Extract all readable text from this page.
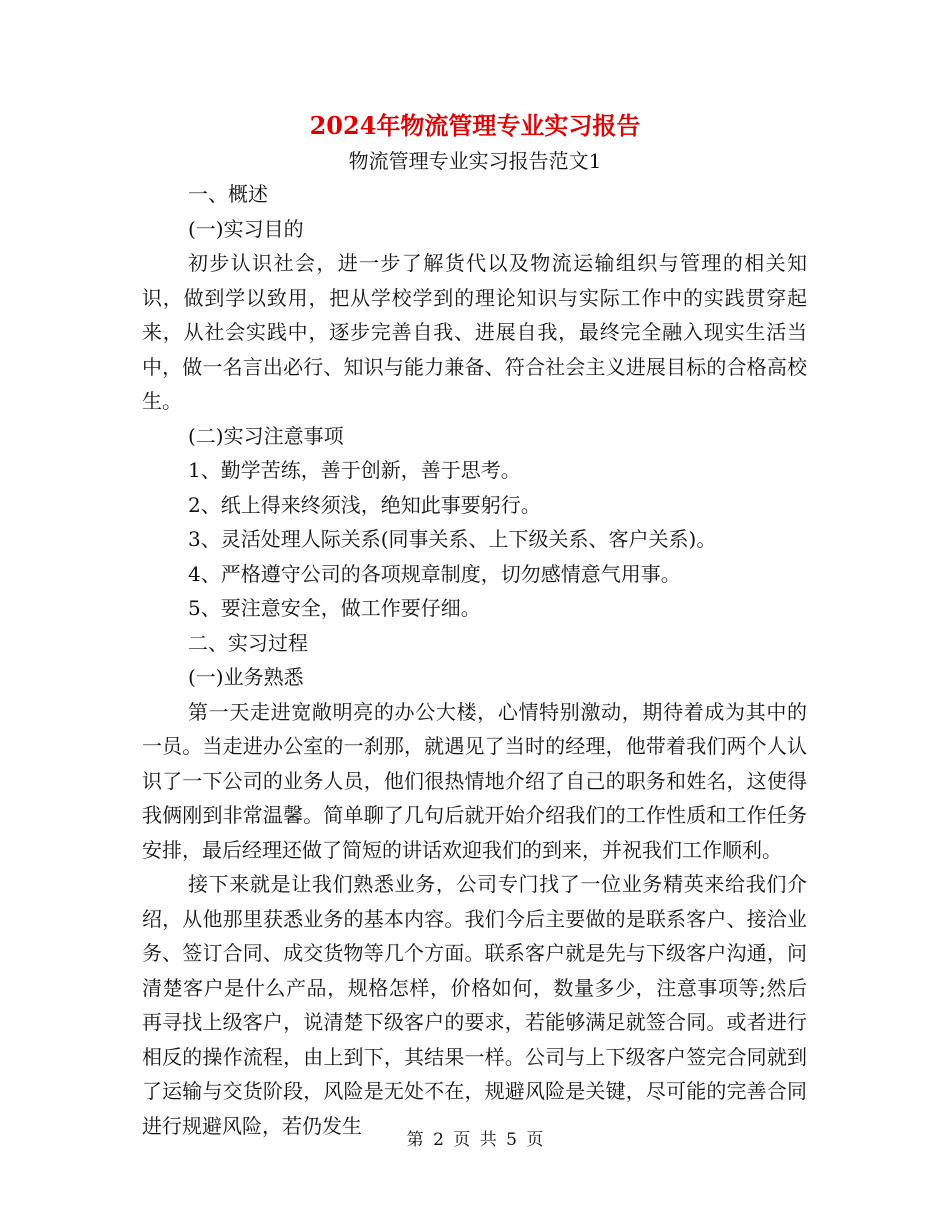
2024年物流管理专业实习报告
物流管理专业实习报告范文1

一、概述

(一)实习目的

初步认识社会，进一步了解货代以及物流运输组织与管理的相关知识，做到学以致用，把从学校学到的理论知识与实际工作中的实践贯穿起来，从社会实践中，逐步完善自我、进展自我，最终完全融入现实生活当中，做一名言出必行、知识与能力兼备、符合社会主义进展目标的合格高校生。

(二)实习注意事项

1、勤学苦练，善于创新，善于思考。

2、纸上得来终须浅，绝知此事要躬行。

3、灵活处理人际关系(同事关系、上下级关系、客户关系)。

4、严格遵守公司的各项规章制度，切勿感情意气用事。

5、要注意安全，做工作要仔细。

二、实习过程

(一)业务熟悉

第一天走进宽敞明亮的办公大楼，心情特别激动，期待着成为其中的一员。当走进办公室的一刹那，就遇见了当时的经理，他带着我们两个人认识了一下公司的业务人员，他们很热情地介绍了自己的职务和姓名，这使得我俩刚到非常温馨。简单聊了几句后就开始介绍我们的工作性质和工作任务安排，最后经理还做了简短的讲话欢迎我们的到来，并祝我们工作顺利。

接下来就是让我们熟悉业务，公司专门找了一位业务精英来给我们介绍，从他那里获悉业务的基本内容。我们今后主要做的是联系客户、接洽业务、签订合同、成交货物等几个方面。联系客户就是先与下级客户沟通，问清楚客户是什么产品，规格怎样，价格如何，数量多少，注意事项等;然后再寻找上级客户，说清楚下级客户的要求，若能够满足就签合同。或者进行相反的操作流程，由上到下，其结果一样。公司与上下级客户签完合同就到了运输与交货阶段，风险是无处不在，规避风险是关键，尽可能的完善合同进行规避风险，若仍发生

第 2 页 共 5 页
